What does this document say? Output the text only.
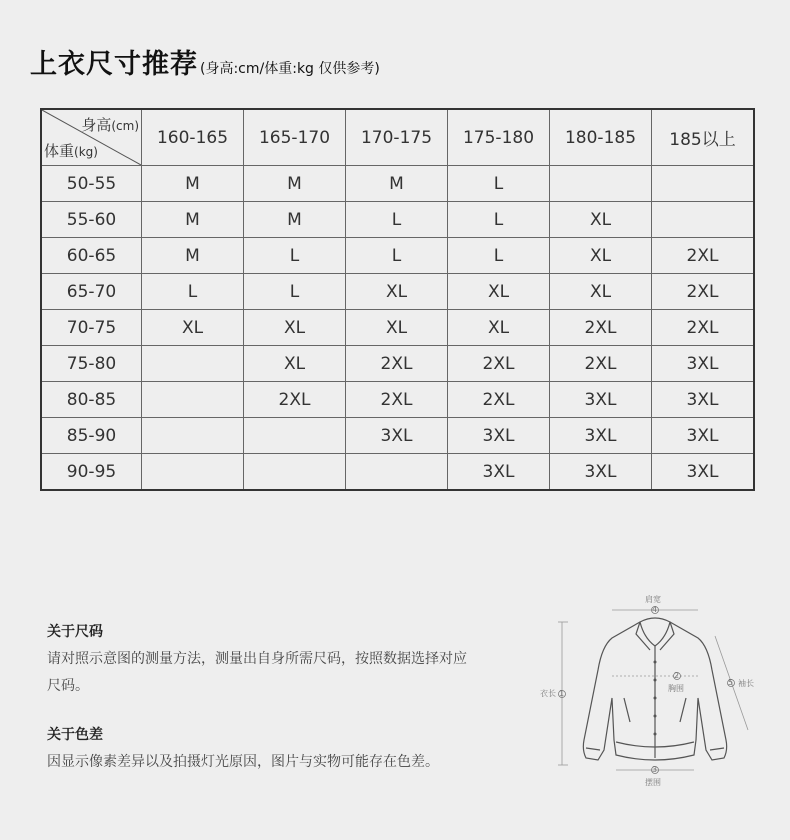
上衣尺寸推荐 (身高:cm/体重:kg 仅供参考)
身高(cm)
体重(kg)	160-165	165-170	170-175	175-180	180-185	185以上
50-55	M	M	M	L		
55-60	M	M	L	L	XL	
60-65	M	L	L	L	XL	2XL
65-70	L	L	XL	XL	XL	2XL
70-75	XL	XL	XL	XL	2XL	2XL
75-80		XL	2XL	2XL	2XL	3XL
80-85		2XL	2XL	2XL	3XL	3XL
85-90			3XL	3XL	3XL	3XL
90-95				3XL	3XL	3XL
关于尺码
请对照示意图的测量方法，测量出自身所需尺码，按照数据选择对应尺码。
关于色差
因显示像素差异以及拍摄灯光原因，图片与实物可能存在色差。
肩宽
4
衣长 1
2
胸围
5 袖长
3
摆围
